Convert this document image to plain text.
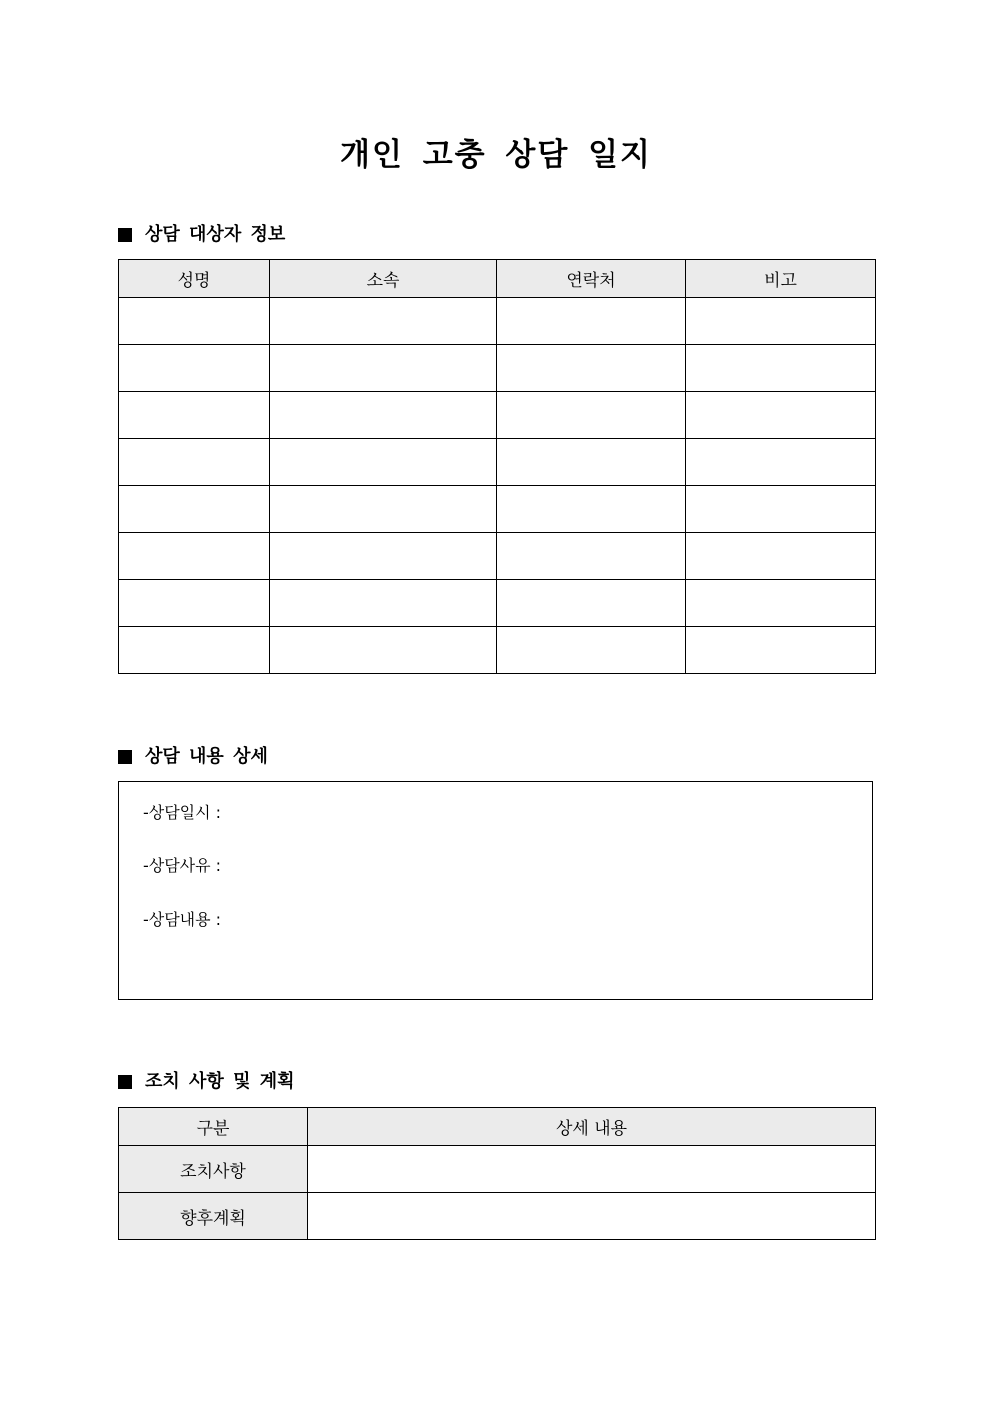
개인 고충 상담 일지
상담 대상자 정보
성명	소속	연락처	비고

상담 내용 상세
-상담일시 :
-상담사유 :
-상담내용 :
조치 사항 및 계획
구분	상세 내용
조치사항	
향후계획	
